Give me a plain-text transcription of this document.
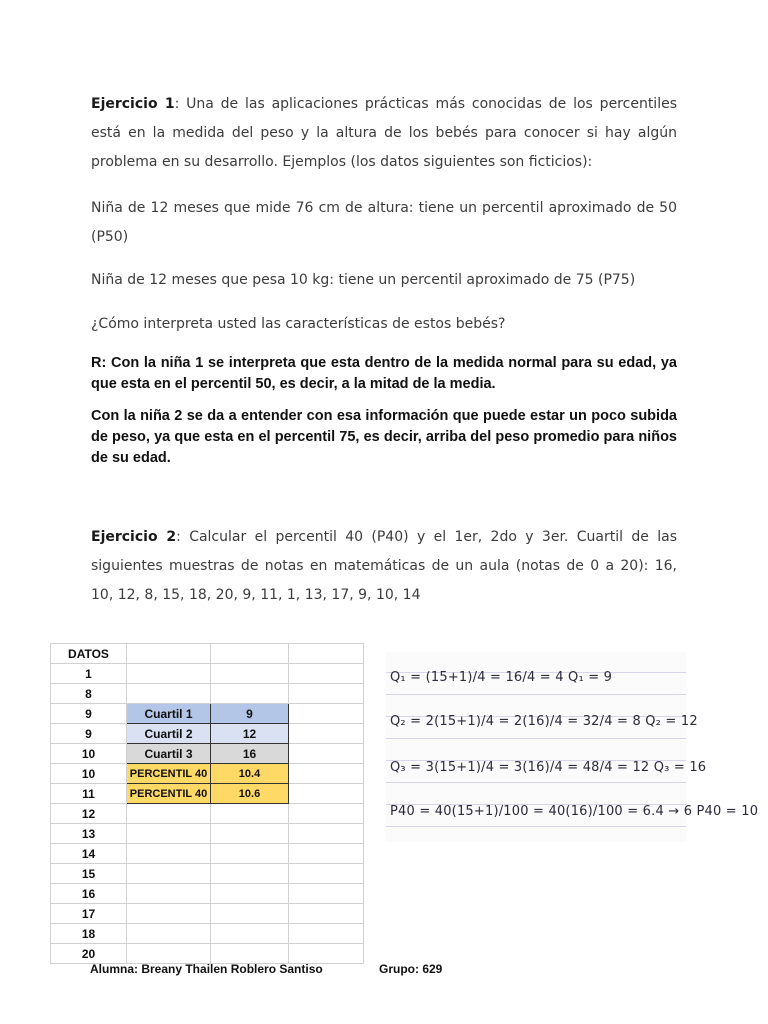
Ejercicio 1: Una de las aplicaciones prácticas más conocidas de los percentiles está en la medida del peso y la altura de los bebés para conocer si hay algún problema en su desarrollo. Ejemplos (los datos siguientes son ficticios):
Niña de 12 meses que mide 76 cm de altura: tiene un percentil aproximado de 50 (P50)
Niña de 12 meses que pesa 10 kg: tiene un percentil aproximado de 75 (P75)
¿Cómo interpreta usted las características de estos bebés?
R: Con la niña 1 se interpreta que esta dentro de la medida normal para su edad, ya que esta en el percentil 50, es decir, a la mitad de la media.
Con la niña 2 se da a entender con esa información que puede estar un poco subida de peso, ya que esta en el percentil 75, es decir, arriba del peso promedio para niños de su edad.
Ejercicio 2: Calcular el percentil 40 (P40) y el 1er, 2do y 3er. Cuartil de las siguientes muestras de notas en matemáticas de un aula (notas de 0 a 20): 16, 10, 12, 8, 15, 18, 20, 9, 11, 1, 13, 17, 9, 10, 14
DATOS			
1			
8			
9	Cuartil 1	9	
9	Cuartil 2	12	
10	Cuartil 3	16	
10	PERCENTIL 40	10.4	
11	PERCENTIL 40	10.6	
12			
13			
14			
15			
16			
17			
18			
20			
Q₁ = (15+1)/4 = 16/4 = 4 Q₁ = 9
Q₂ = 2(15+1)/4 = 2(16)/4 = 32/4 = 8 Q₂ = 12
Q₃ = 3(15+1)/4 = 3(16)/4 = 48/4 = 12 Q₃ = 16
P40 = 40(15+1)/100 = 40(16)/100 = 6.4 → 6 P40 = 10
Alumna: Breany Thailen Roblero Santiso	Grupo: 629
